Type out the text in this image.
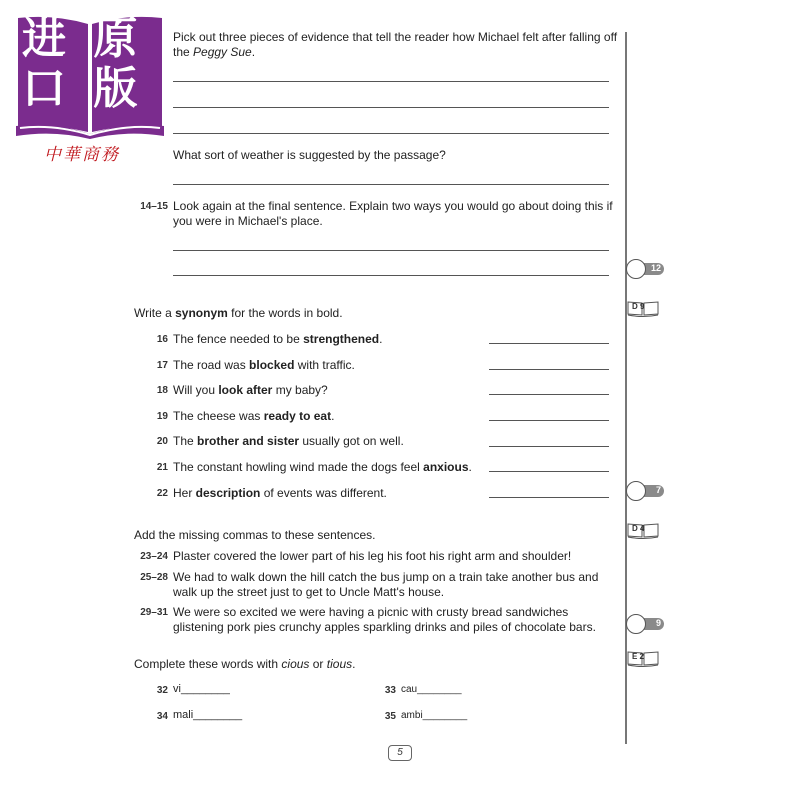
进 原
口 版
中華商務
Pick out three pieces of evidence that tell the reader how Michael felt after falling off the Peggy Sue.
What sort of weather is suggested by the passage?
14–15 Look again at the final sentence. Explain two ways you would go about doing this if you were in Michael's place.
Write a synonym for the words in bold.
16 The fence needed to be strengthened.
17 The road was blocked with traffic.
18 Will you look after my baby?
19 The cheese was ready to eat.
20 The brother and sister usually got on well.
21 The constant howling wind made the dogs feel anxious.
22 Her description of events was different.
Add the missing commas to these sentences.
23–24 Plaster covered the lower part of his leg his foot his right arm and shoulder!
25–28 We had to walk down the hill catch the bus jump on a train take another bus and walk up the street just to get to Uncle Matt's house.
29–31 We were so excited we were having a picnic with crusty bread sandwiches glistening pork pies crunchy apples sparkling drinks and piles of chocolate bars.
Complete these words with cious or tious.
32 vi________	33 cau________
34 mali________	35 ambi________
12
7
9
D 9
D 4
E 2
5
